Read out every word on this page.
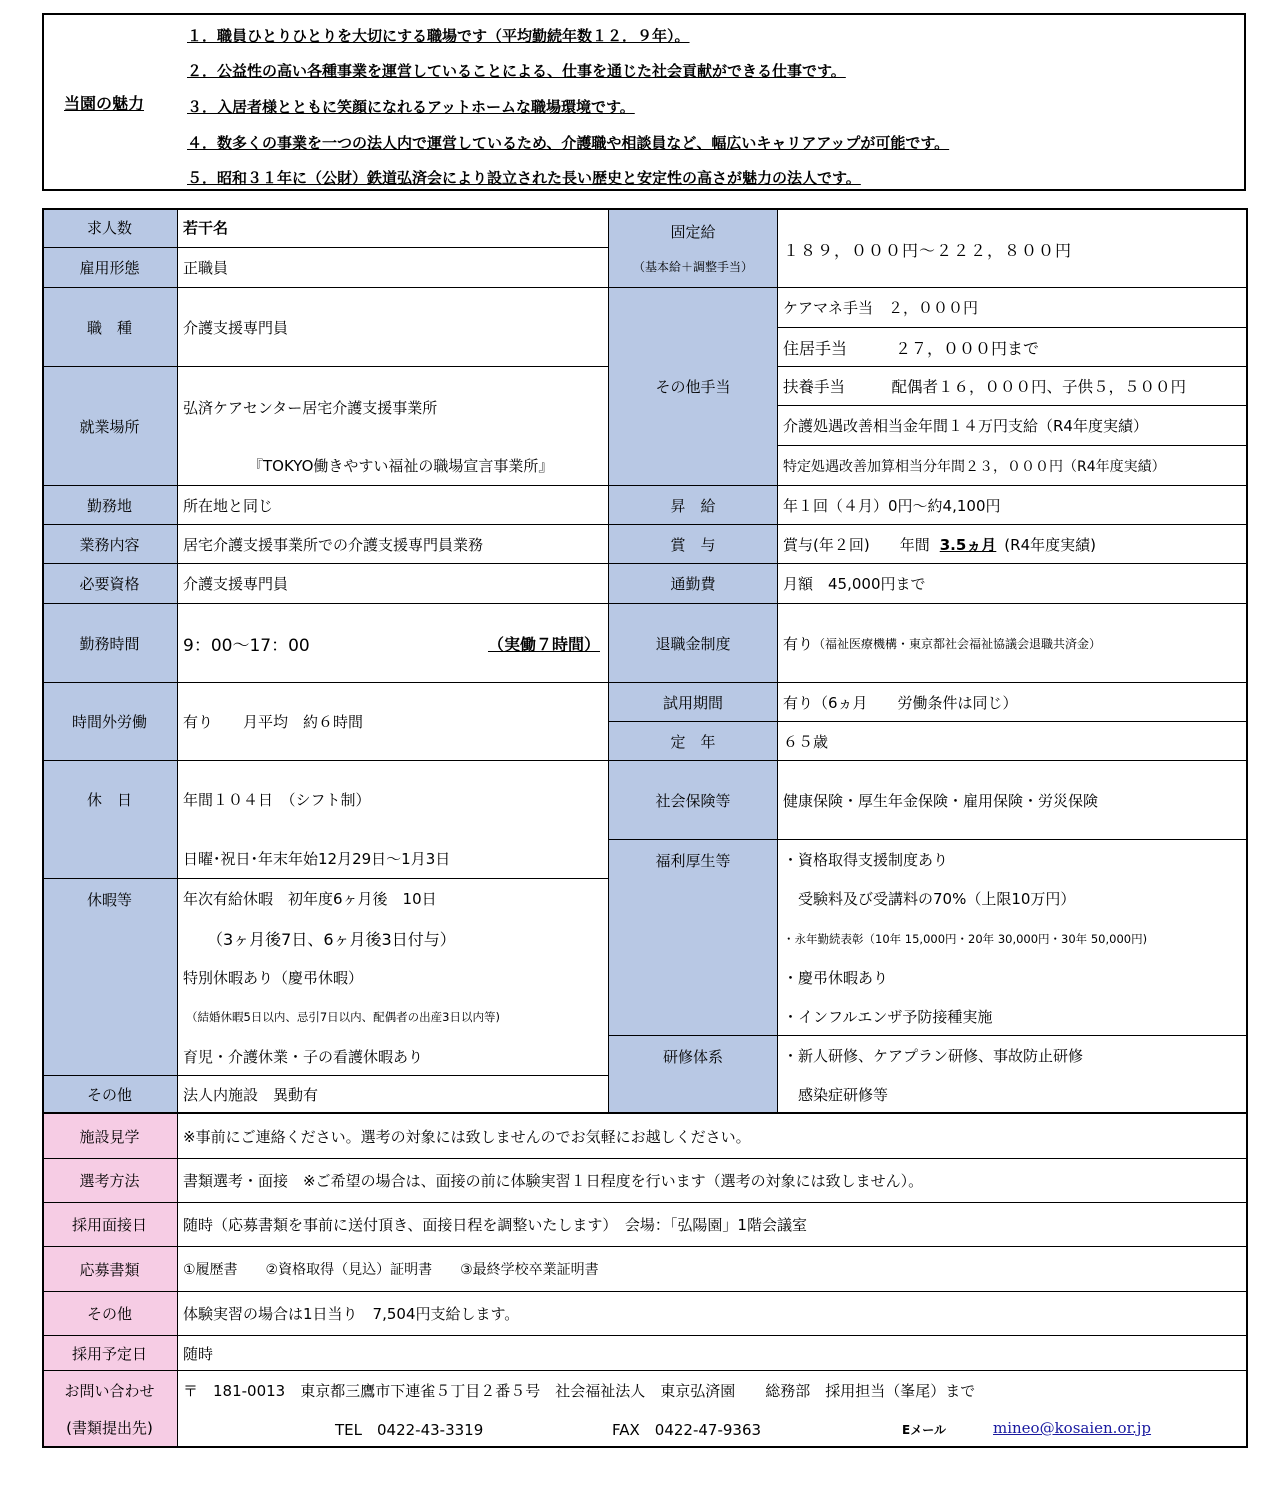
当園の魅力
１．職員ひとりひとりを大切にする職場です（平均勤続年数１２．９年）。
２．公益性の高い各種事業を運営していることによる、仕事を通じた社会貢献ができる仕事です。
３．入居者様とともに笑顔になれるアットホームな職場環境です。
４．数多くの事業を一つの法人内で運営しているため、介護職や相談員など、幅広いキャリアアップが可能です。
５．昭和３１年に（公財）鉄道弘済会により設立された長い歴史と安定性の高さが魅力の法人です。
求人数	若干名
雇用形態	正職員
職　種	介護支援専門員
就業場所
弘済ケアセンター居宅介護支援事業所
『TOKYO働きやすい福祉の職場宣言事業所』
勤務地	所在地と同じ
業務内容	居宅介護支援事業所での介護支援専門員業務
必要資格	介護支援専門員
勤務時間	9：00〜17：00	（実働７時間）
時間外労働	有り　　月平均　約６時間
休　日	年間１０４日　（シフト制）
日曜･祝日･年末年始12月29日〜1月3日
休暇等	年次有給休暇　初年度6ヶ月後　10日
　　（3ヶ月後7日、6ヶ月後3日付与）
特別休暇あり（慶弔休暇）
（結婚休暇5日以内、忌引7日以内、配偶者の出産3日以内等)
育児・介護休業・子の看護休暇あり
その他	法人内施設　異動有
固定給
（基本給＋調整手当）
１８９，０００円〜２２２，８００円
その他手当
ケアマネ手当　２，０００円
住居手当　　　２７，０００円まで
扶養手当　　　配偶者１６，０００円、子供５，５００円
介護処遇改善相当金年間１４万円支給（R4年度実績）
特定処遇改善加算相当分年間２３，０００円（R4年度実績）
昇　給	年１回（４月）0円〜約4,100円
賞　与	賞与(年２回)　　年間 3.5ヵ月 (R4年度実績)
通勤費	月額　45,000円まで
退職金制度	有り （福祉医療機構・東京都社会福祉協議会退職共済金）
試用期間	有り（6ヵ月　　労働条件は同じ）
定　年	６５歳
社会保険等	健康保険・厚生年金保険・雇用保険・労災保険
福利厚生等	・資格取得支援制度あり
　受験料及び受講料の70%（上限10万円）
・永年勤続表彰（10年 15,000円・20年 30,000円・30年 50,000円)
・慶弔休暇あり
・インフルエンザ予防接種実施
研修体系	・新人研修、ケアプラン研修、事故防止研修
　感染症研修等
施設見学	※事前にご連絡ください。選考の対象には致しませんのでお気軽にお越しください。
選考方法	書類選考・面接　※ご希望の場合は、面接の前に体験実習１日程度を行います（選考の対象には致しません）。
採用面接日	随時（応募書類を事前に送付頂き、面接日程を調整いたします）　会場：「弘陽園」1階会議室
応募書類	①履歴書　　②資格取得（見込）証明書　　③最終学校卒業証明書
その他	体験実習の場合は1日当り　7,504円支給します。
採用予定日	随時
お問い合わせ
(書類提出先)
〒　181-0013　東京都三鷹市下連雀５丁目２番５号　社会福祉法人　東京弘済園　　総務部　採用担当（峯尾）まで
TEL　0422-43-3319	FAX　0422-47-9363	Eメール	mineo@kosaien.or.jp
